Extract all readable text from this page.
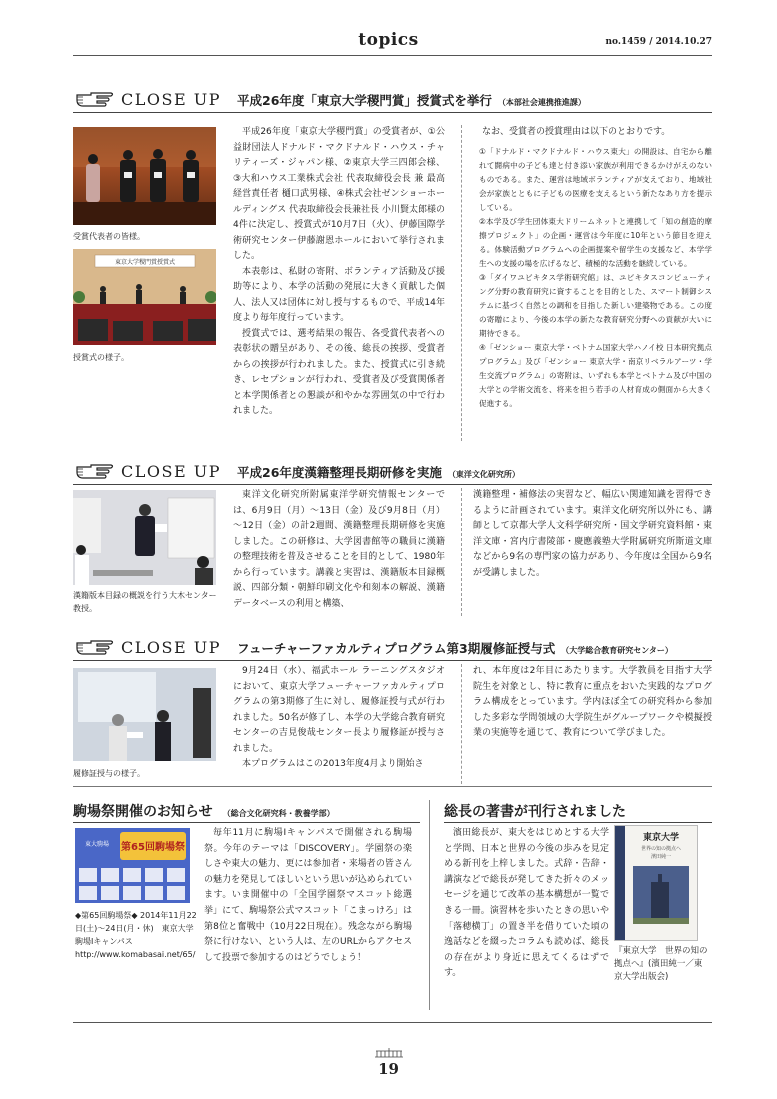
topics	no.1459 / 2014.10.27
CLOSE UP 平成26年度「東京大学稷門賞」授賞式を挙行 （本部社会連携推進課）
受賞代表者の皆様。
東京大学稷門賞授賞式
授賞式の様子。

平成26年度「東京大学稷門賞」の受賞者が、①公益財団法人ドナルド・マクドナルド・ハウス・チャリティーズ・ジャパン様、②東京大学三四郎会様、③大和ハウス工業株式会社 代表取締役会長 兼 最高経営責任者 樋口武男様、④株式会社ゼンショーホールディングス 代表取締役会長兼社長 小川賢太郎様の4件に決定し、授賞式が10月7日（火）、伊藤国際学術研究センター伊藤謝恩ホールにおいて挙行されました。

本表彰は、私財の寄附、ボランティア活動及び援助等により、本学の活動の発展に大きく貢献した個人、法人又は団体に対し授与するもので、平成14年度より毎年度行っています。

授賞式では、選考結果の報告、各受賞代表者への表彰状の贈呈があり、その後、総長の挨拶、受賞者からの挨拶が行われました。また、授賞式に引き続き、レセプションが行われ、受賞者及び受賞関係者と本学関係者との懇談が和やかな雰囲気の中で行われました。

なお、受賞者の授賞理由は以下のとおりです。

①「ドナルド・マクドナルド・ハウス東大」の開設は、自宅から離れて闘病中の子ども達と付き添い家族が利用できるかけがえのないものである。また、運営は地域ボランティアが支えており、地域社会が家族とともに子どもの医療を支えるという新たなあり方を提示している。

②本学及び学生団体東大ドリームネットと連携して「知の創造的摩擦プロジェクト」の企画・運営は今年度に10年という節目を迎える。体験活動プログラムへの企画提案や留学生の支援など、本学学生への支援の場を広げるなど、積極的な活動を継続している。

③「ダイワユビキタス学術研究館」は、ユビキタスコンピューティング分野の教育研究に資することを目的とした、スマート制御システムに基づく自然との調和を目指した新しい建築物である。この度の寄贈により、今後の本学の新たな教育研究分野への貢献が大いに期待できる。

④「ゼンショー 東京大学・ベトナム国家大学ハノイ校 日本研究拠点プログラム」及び「ゼンショー 東京大学・南京リベラルアーツ・学生交流プログラム」の寄附は、いずれも本学とベトナム及び中国の大学との学術交流を、将来を担う若手の人材育成の側面から大きく促進する。

CLOSE UP 平成26年度漢籍整理長期研修を実施 （東洋文化研究所）
漢籍版本目録の概説を行う大木センター教授。

東洋文化研究所附属東洋学研究情報センターでは、6月9日（月）～13日（金）及び9月8日（月）～12日（金）の計2週間、漢籍整理長期研修を実施しました。この研修は、大学図書館等の職員に漢籍の整理技術を普及させることを目的として、1980年から行っています。講義と実習は、漢籍版本目録概説、四部分類・朝鮮印刷文化や和刻本の解説、漢籍データベースの利用と構築、

漢籍整理・補修法の実習など、幅広い関連知識を習得できるように計画されています。東洋文化研究所以外にも、講師として京都大学人文科学研究所・国文学研究資料館・東洋文庫・宮内庁書陵部・慶應義塾大学附属研究所斯道文庫などから9名の専門家の協力があり、今年度は全国から9名が受講しました。

CLOSE UP フューチャーファカルティプログラム第3期履修証授与式 （大学総合教育研究センター）
履修証授与の様子。

9月24日（水）、福武ホール ラーニングスタジオにおいて、東京大学フューチャーファカルティプログラムの第3期修了生に対し、履修証授与式が行われました。50名が修了し、本学の大学総合教育研究センターの吉見俊哉センター長より履修証が授与されました。

本プログラムはこの2013年度4月より開始さ

れ、本年度は2年目にあたります。大学教員を目指す大学院生を対象とし、特に教育に重点をおいた実践的なプログラム構成をとっています。学内ほぼ全ての研究科から参加した多彩な学問領域の大学院生がグループワークや模擬授業の実施等を通じて、教育について学びました。

駒場祭開催のお知らせ （総合文化研究科・教養学部）
第65回駒場祭
東大駒場
◆第65回駒場祭◆ 2014年11月22日(土)～24日(月・休)　東京大学駒場Ⅰキャンパス　http://www.komabasai.net/65/

毎年11月に駒場Ⅰキャンパスで開催される駒場祭。今年のテーマは「DISCOVERY」。学園祭の楽しさや東大の魅力、更には参加者・来場者の皆さんの魅力を発見してほしいという思いが込められています。いま開催中の「全国学園祭マスコット総選挙」にて、駒場祭公式マスコット「こまっけろ」は第8位と奮戦中（10月22日現在）。残念ながら駒場祭に行けない、という人は、左のURLからアクセスして投票で参加するのはどうでしょう！

総長の著書が刊行されました

濱田総長が、東大をはじめとする大学と学問、日本と世界の今後の歩みを見定める新刊を上梓しました。式辞・告辞・講演などで総長が発してきた折々のメッセージを通じて改革の基本構想が一覧できる一冊。演習林を歩いたときの思いや「落穂横丁」の置き半を借りていた頃の逸話などを綴ったコラムも読めば、総長の存在がより身近に思えてくるはずです。

東京大学
世界の知の拠点へ
濱田純一
『東京大学　世界の知の拠点へ』(濱田純一／東京大学出版会)
19
